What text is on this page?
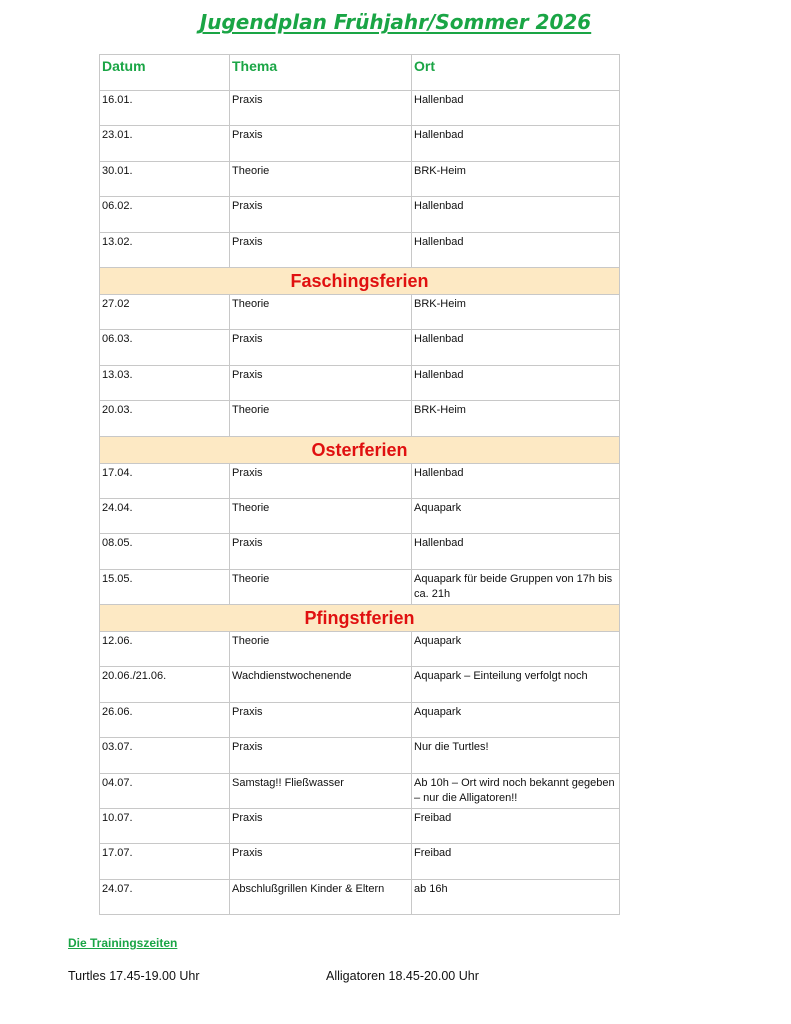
Jugendplan Frühjahr/Sommer 2026
Datum	Thema	Ort
16.01.	Praxis	Hallenbad
23.01.	Praxis	Hallenbad
30.01.	Theorie	BRK-Heim
06.02.	Praxis	Hallenbad
13.02.	Praxis	Hallenbad
Faschingsferien		
27.02	Theorie	BRK-Heim
06.03.	Praxis	Hallenbad
13.03.	Praxis	Hallenbad
20.03.	Theorie	BRK-Heim
Osterferien		
17.04.	Praxis	Hallenbad
24.04.	Theorie	Aquapark
08.05.	Praxis	Hallenbad
15.05.	Theorie	Aquapark für beide Gruppen von 17h bis ca. 21h
Pfingstferien		
12.06.	Theorie	Aquapark
20.06./21.06.	Wachdienstwochenende	Aquapark – Einteilung verfolgt noch
26.06.	Praxis	Aquapark
03.07.	Praxis	Nur die Turtles!
04.07.	Samstag!! Fließwasser	Ab 10h – Ort wird noch bekannt gegeben – nur die Alligatoren!!
10.07.	Praxis	Freibad
17.07.	Praxis	Freibad
24.07.	Abschlußgrillen Kinder & Eltern	ab 16h
Die Trainingszeiten
Turtles 17.45-19.00 Uhr	Alligatoren 18.45-20.00 Uhr
